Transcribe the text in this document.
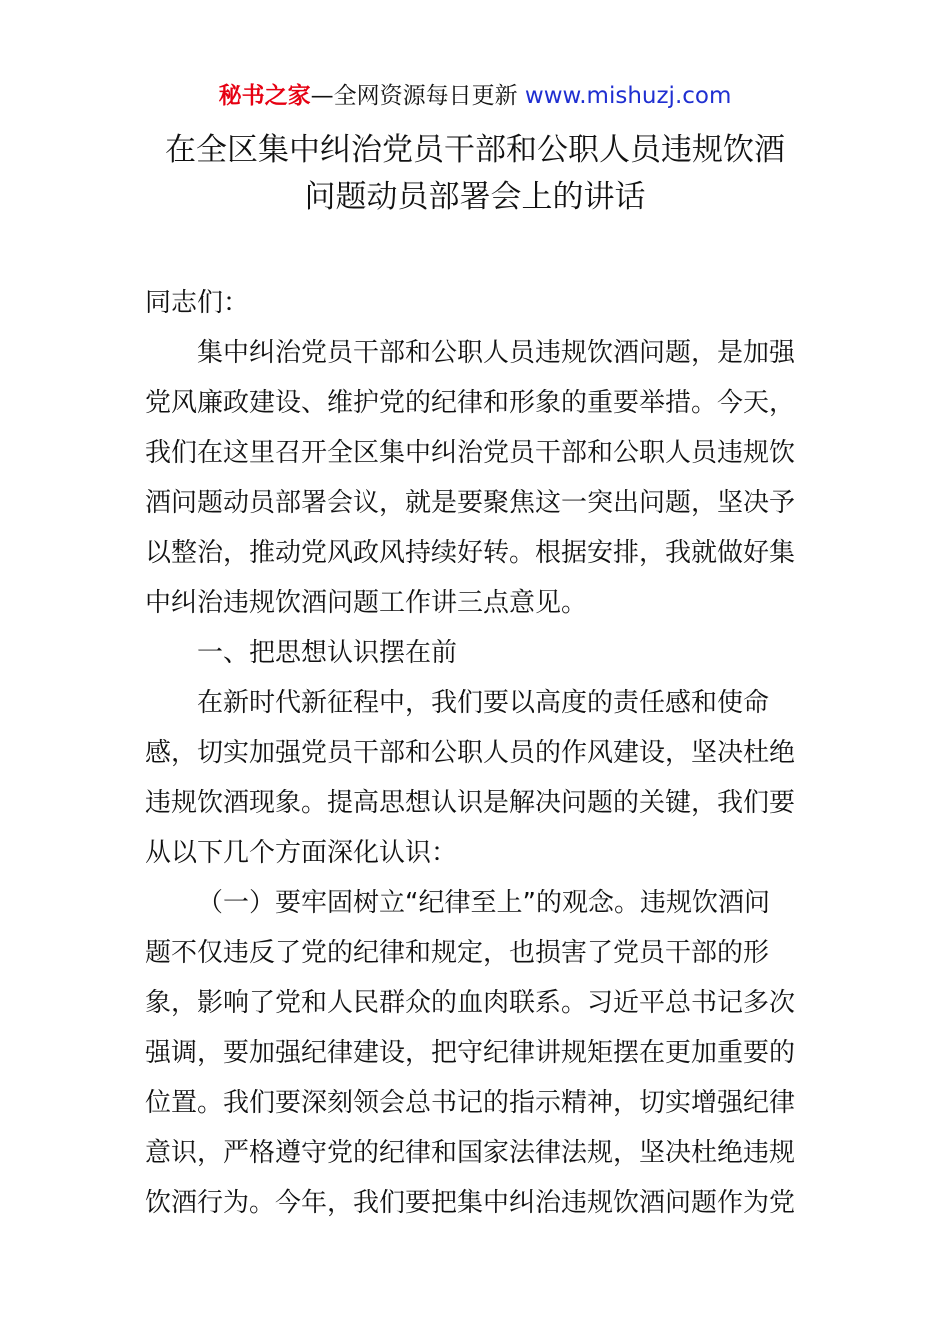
秘书之家—全网资源每日更新 www.mishuzj.com
在全区集中纠治党员干部和公职人员违规饮酒
问题动员部署会上的讲话
同志们：
集中纠治党员干部和公职人员违规饮酒问题，是加强
党风廉政建设、维护党的纪律和形象的重要举措。今天，
我们在这里召开全区集中纠治党员干部和公职人员违规饮
酒问题动员部署会议，就是要聚焦这一突出问题，坚决予
以整治，推动党风政风持续好转。根据安排，我就做好集
中纠治违规饮酒问题工作讲三点意见。
一、把思想认识摆在前
在新时代新征程中，我们要以高度的责任感和使命
感，切实加强党员干部和公职人员的作风建设，坚决杜绝
违规饮酒现象。提高思想认识是解决问题的关键，我们要
从以下几个方面深化认识：
（一）要牢固树立“纪律至上”的观念。违规饮酒问
题不仅违反了党的纪律和规定，也损害了党员干部的形
象，影响了党和人民群众的血肉联系。习近平总书记多次
强调，要加强纪律建设，把守纪律讲规矩摆在更加重要的
位置。我们要深刻领会总书记的指示精神，切实增强纪律
意识，严格遵守党的纪律和国家法律法规，坚决杜绝违规
饮酒行为。今年，我们要把集中纠治违规饮酒问题作为党
